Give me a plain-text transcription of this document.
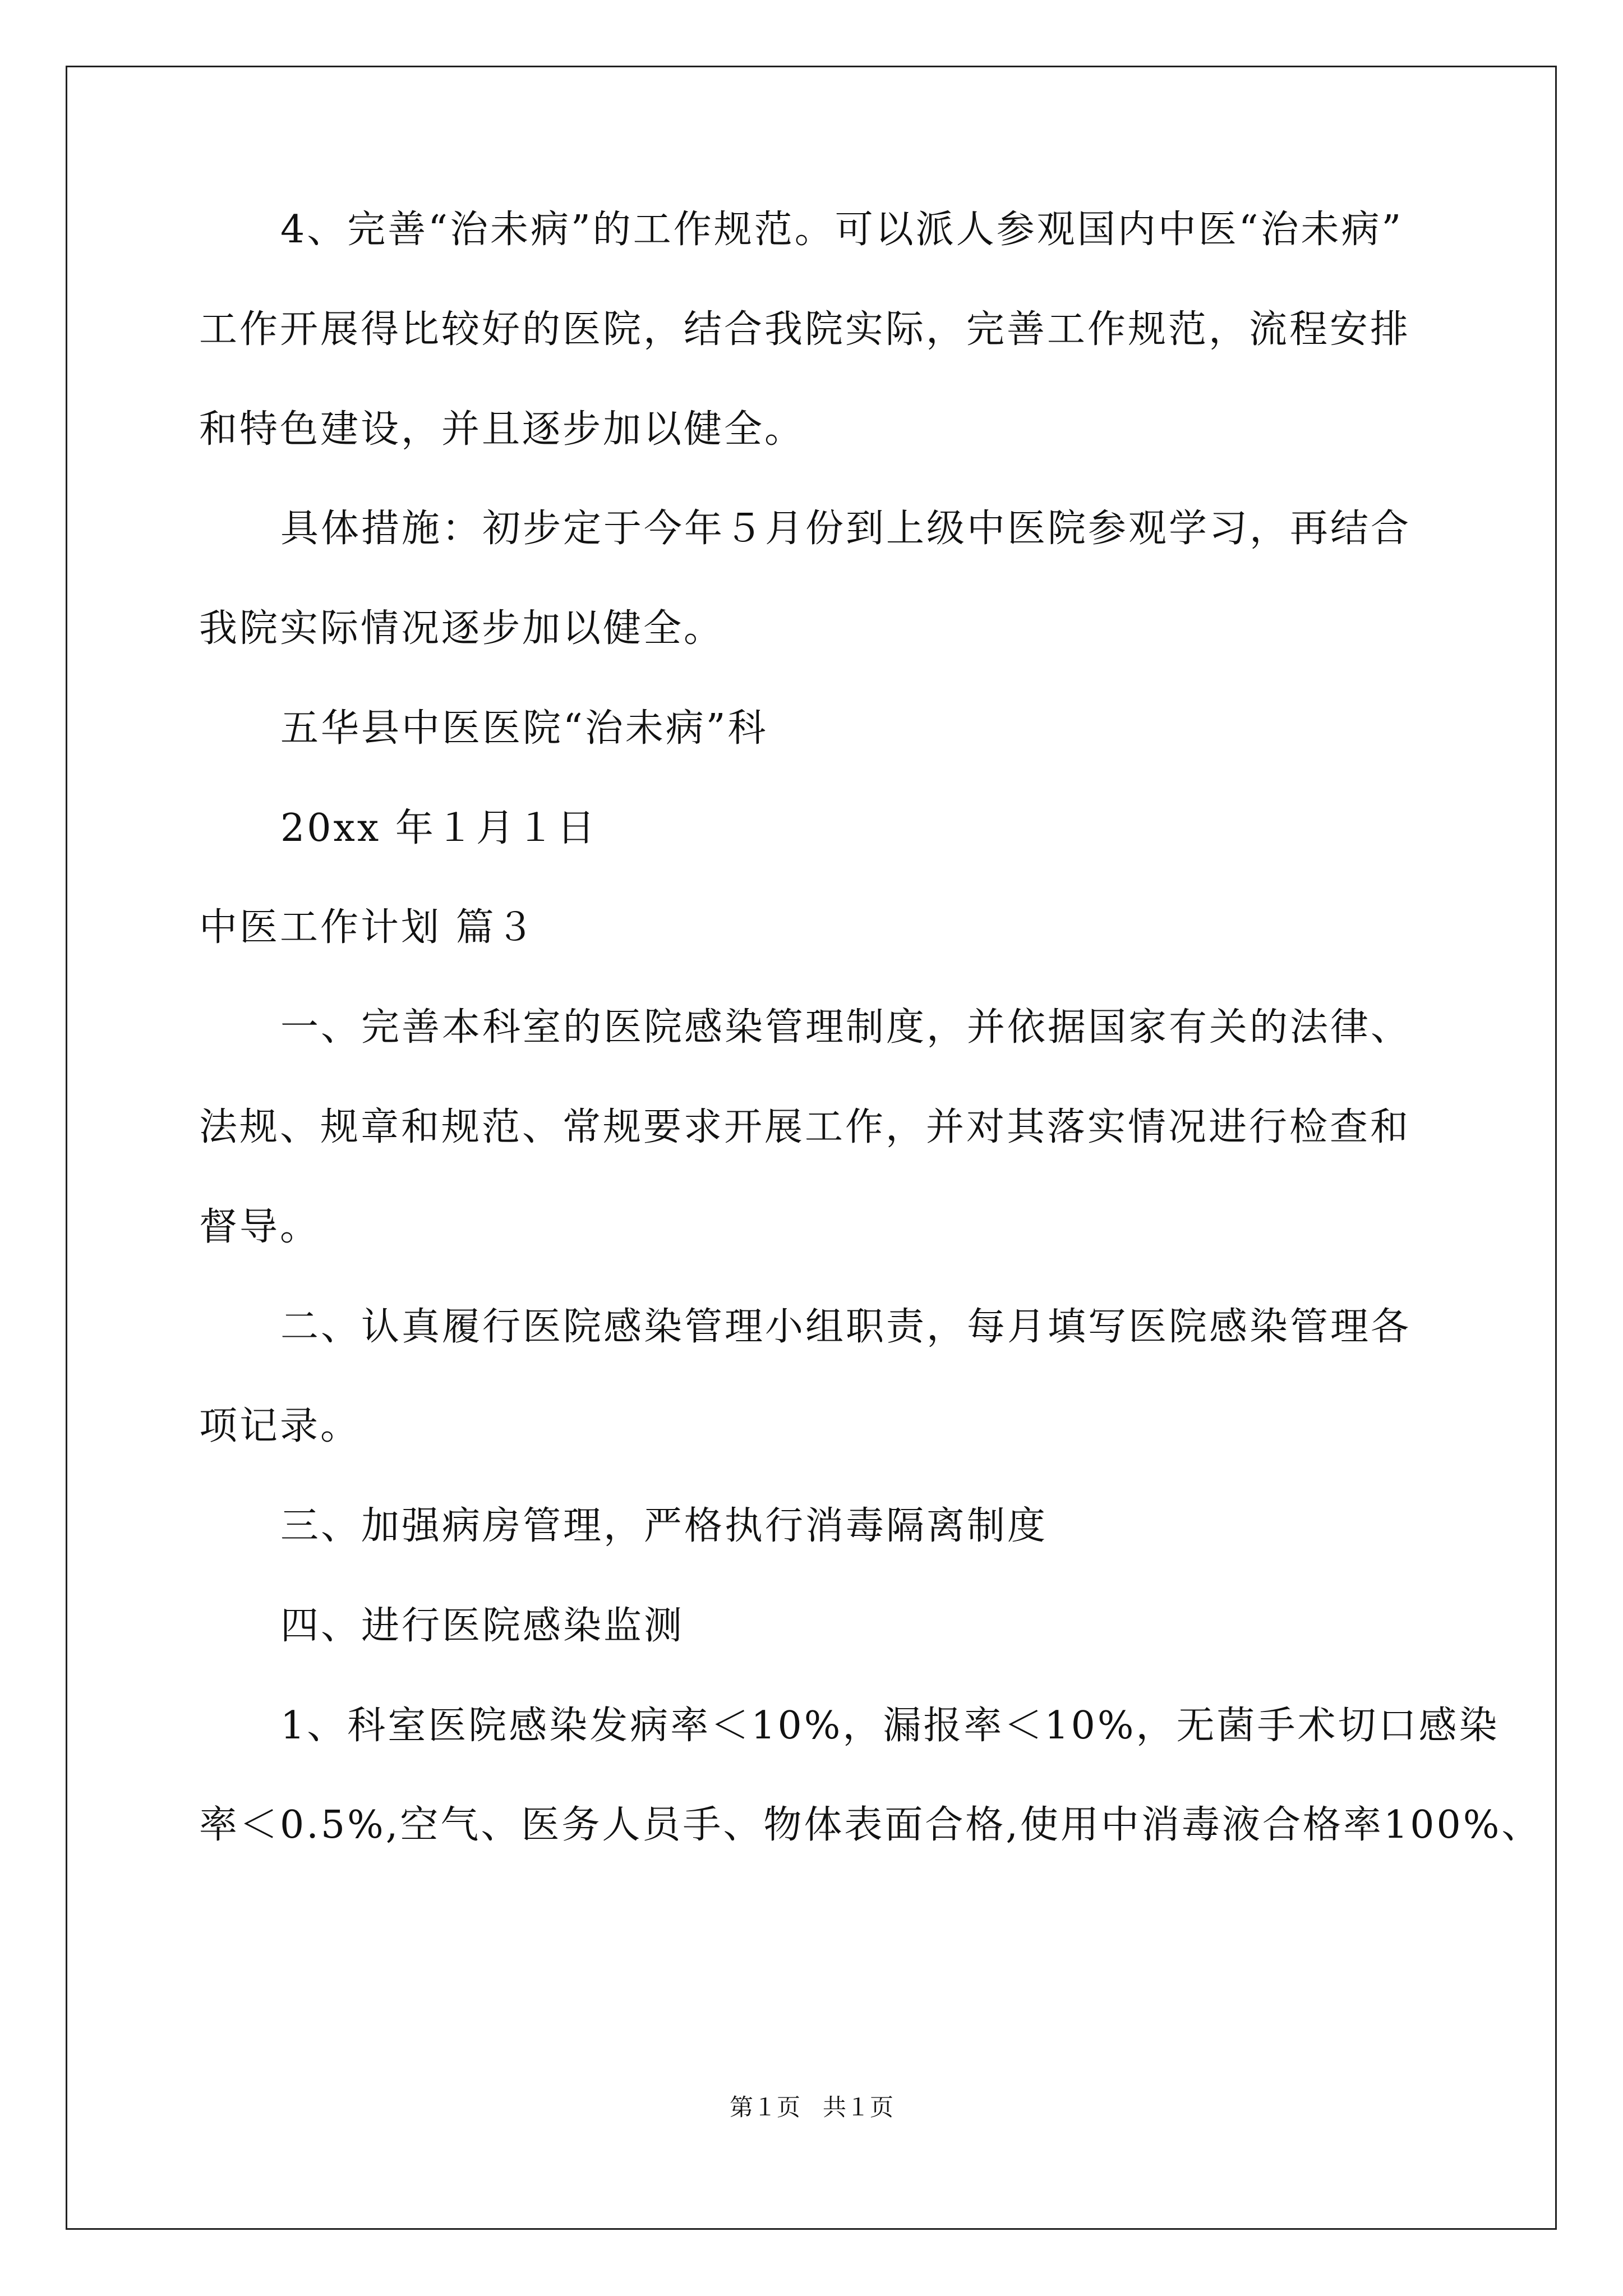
4、完善“治未病”的工作规范。可以派人参观国内中医“治未病”
工作开展得比较好的医院，结合我院实际，完善工作规范，流程安排
和特色建设，并且逐步加以健全。
具体措施：初步定于今年５月份到上级中医院参观学习，再结合
我院实际情况逐步加以健全。
五华县中医医院“治未病”科
20xx 年１月１日
中医工作计划 篇３
一、完善本科室的医院感染管理制度，并依据国家有关的法律、
法规、规章和规范、常规要求开展工作，并对其落实情况进行检查和
督导。
二、认真履行医院感染管理小组职责，每月填写医院感染管理各
项记录。
三、加强病房管理，严格执行消毒隔离制度
四、进行医院感染监测
1、科室医院感染发病率＜10%，漏报率＜10%，无菌手术切口感染
率＜0.5%,空气、医务人员手、物体表面合格,使用中消毒液合格率100%、
第１页   共１页
